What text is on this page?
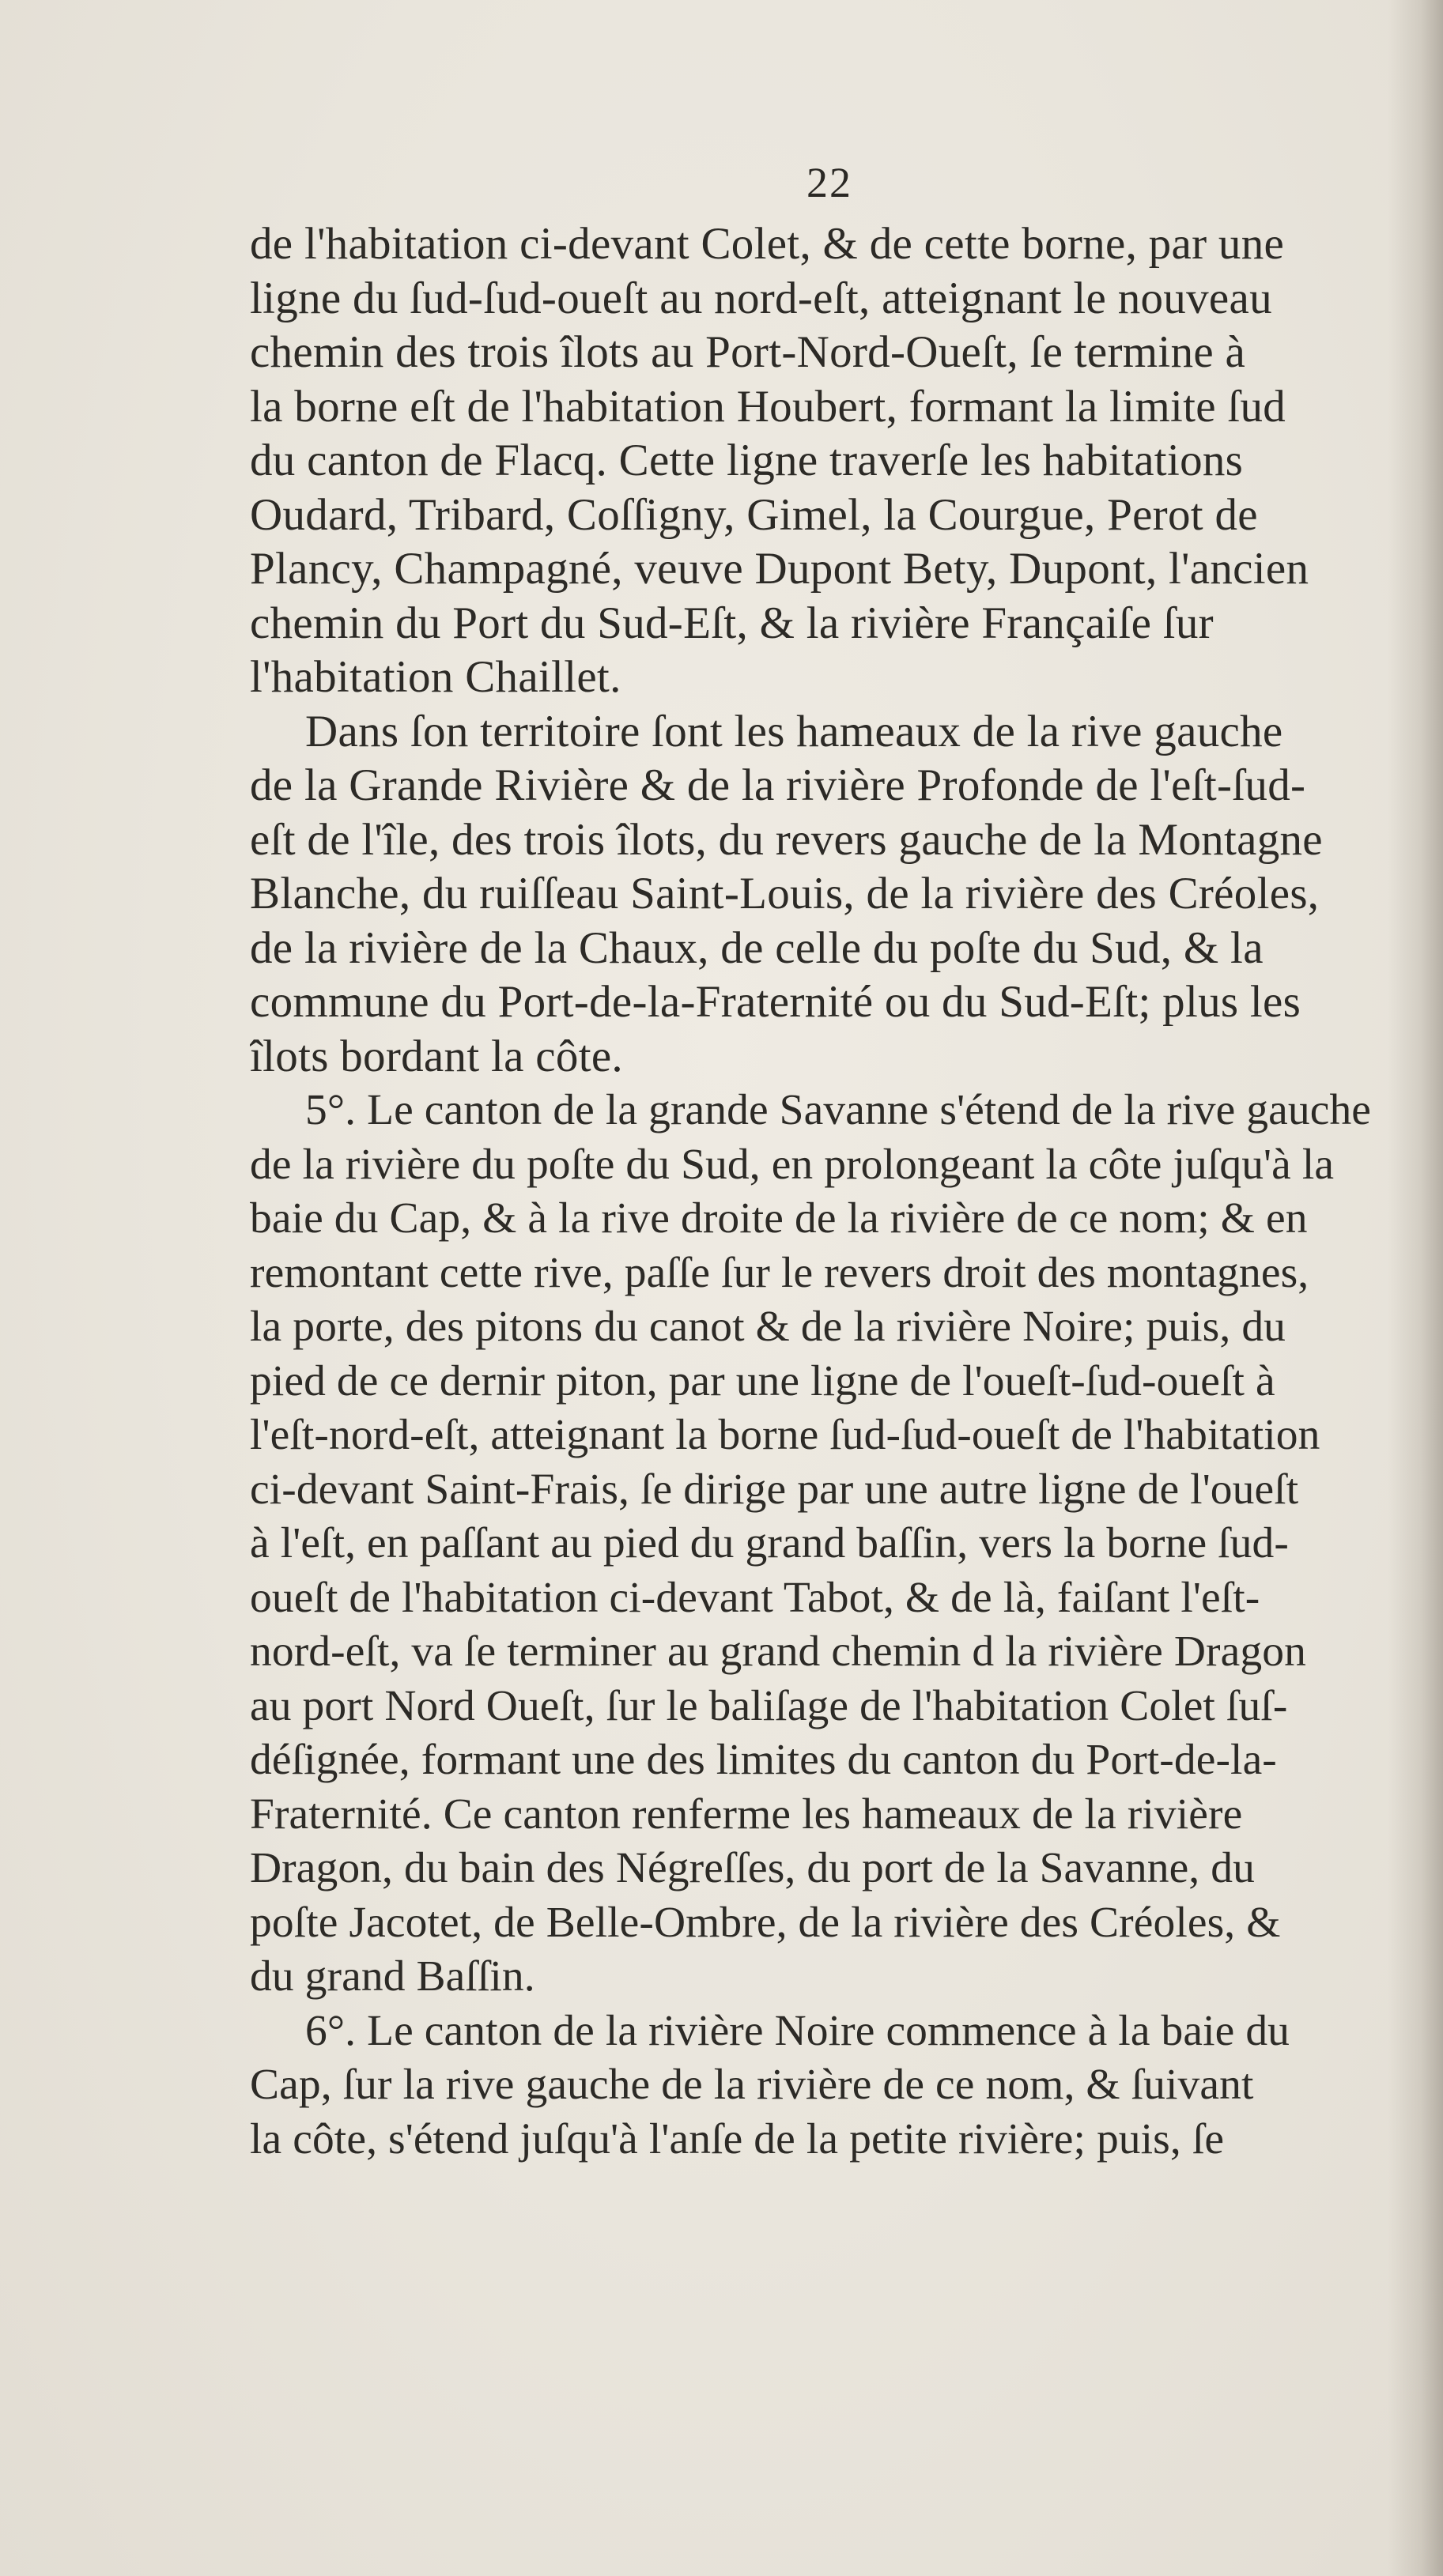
22
de l'habitation ci-devant Colet, & de cette borne, par une
ligne du ſud-ſud-oueſt au nord-eſt, atteignant le nouveau
chemin des trois îlots au Port-Nord-Oueſt, ſe termine à
la borne eſt de l'habitation Houbert, formant la limite ſud
du canton de Flacq. Cette ligne traverſe les habitations
Oudard, Tribard, Coſſigny, Gimel, la Courgue, Perot de
Plancy, Champagné, veuve Dupont Bety, Dupont, l'ancien
chemin du Port du Sud-Eſt, & la rivière Françaiſe ſur
l'habitation Chaillet.
Dans ſon territoire ſont les hameaux de la rive gauche
de la Grande Rivière & de la rivière Profonde de l'eſt-ſud-
eſt de l'île, des trois îlots, du revers gauche de la Montagne
Blanche, du ruiſſeau Saint-Louis, de la rivière des Créoles,
de la rivière de la Chaux, de celle du poſte du Sud, & la
commune du Port-de-la-Fraternité ou du Sud-Eſt; plus les
îlots bordant la côte.
5°. Le canton de la grande Savanne s'étend de la rive gauche
de la rivière du poſte du Sud, en prolongeant la côte juſqu'à la
baie du Cap, & à la rive droite de la rivière de ce nom; & en
remontant cette rive, paſſe ſur le revers droit des montagnes,
la porte, des pitons du canot & de la rivière Noire; puis, du
pied de ce dernir piton, par une ligne de l'oueſt-ſud-oueſt à
l'eſt-nord-eſt, atteignant la borne ſud-ſud-oueſt de l'habitation
ci-devant Saint-Frais, ſe dirige par une autre ligne de l'oueſt
à l'eſt, en paſſant au pied du grand baſſin, vers la borne ſud-
oueſt de l'habitation ci-devant Tabot, & de là, faiſant l'eſt-
nord-eſt, va ſe terminer au grand chemin d la rivière Dragon
au port Nord Oueſt, ſur le baliſage de l'habitation Colet ſuſ-
déſignée, formant une des limites du canton du Port-de-la-
Fraternité. Ce canton renferme les hameaux de la rivière
Dragon, du bain des Négreſſes, du port de la Savanne, du
poſte Jacotet, de Belle-Ombre, de la rivière des Créoles, &
du grand Baſſin.
6°. Le canton de la rivière Noire commence à la baie du
Cap, ſur la rive gauche de la rivière de ce nom, & ſuivant
la côte, s'étend juſqu'à l'anſe de la petite rivière; puis, ſe
